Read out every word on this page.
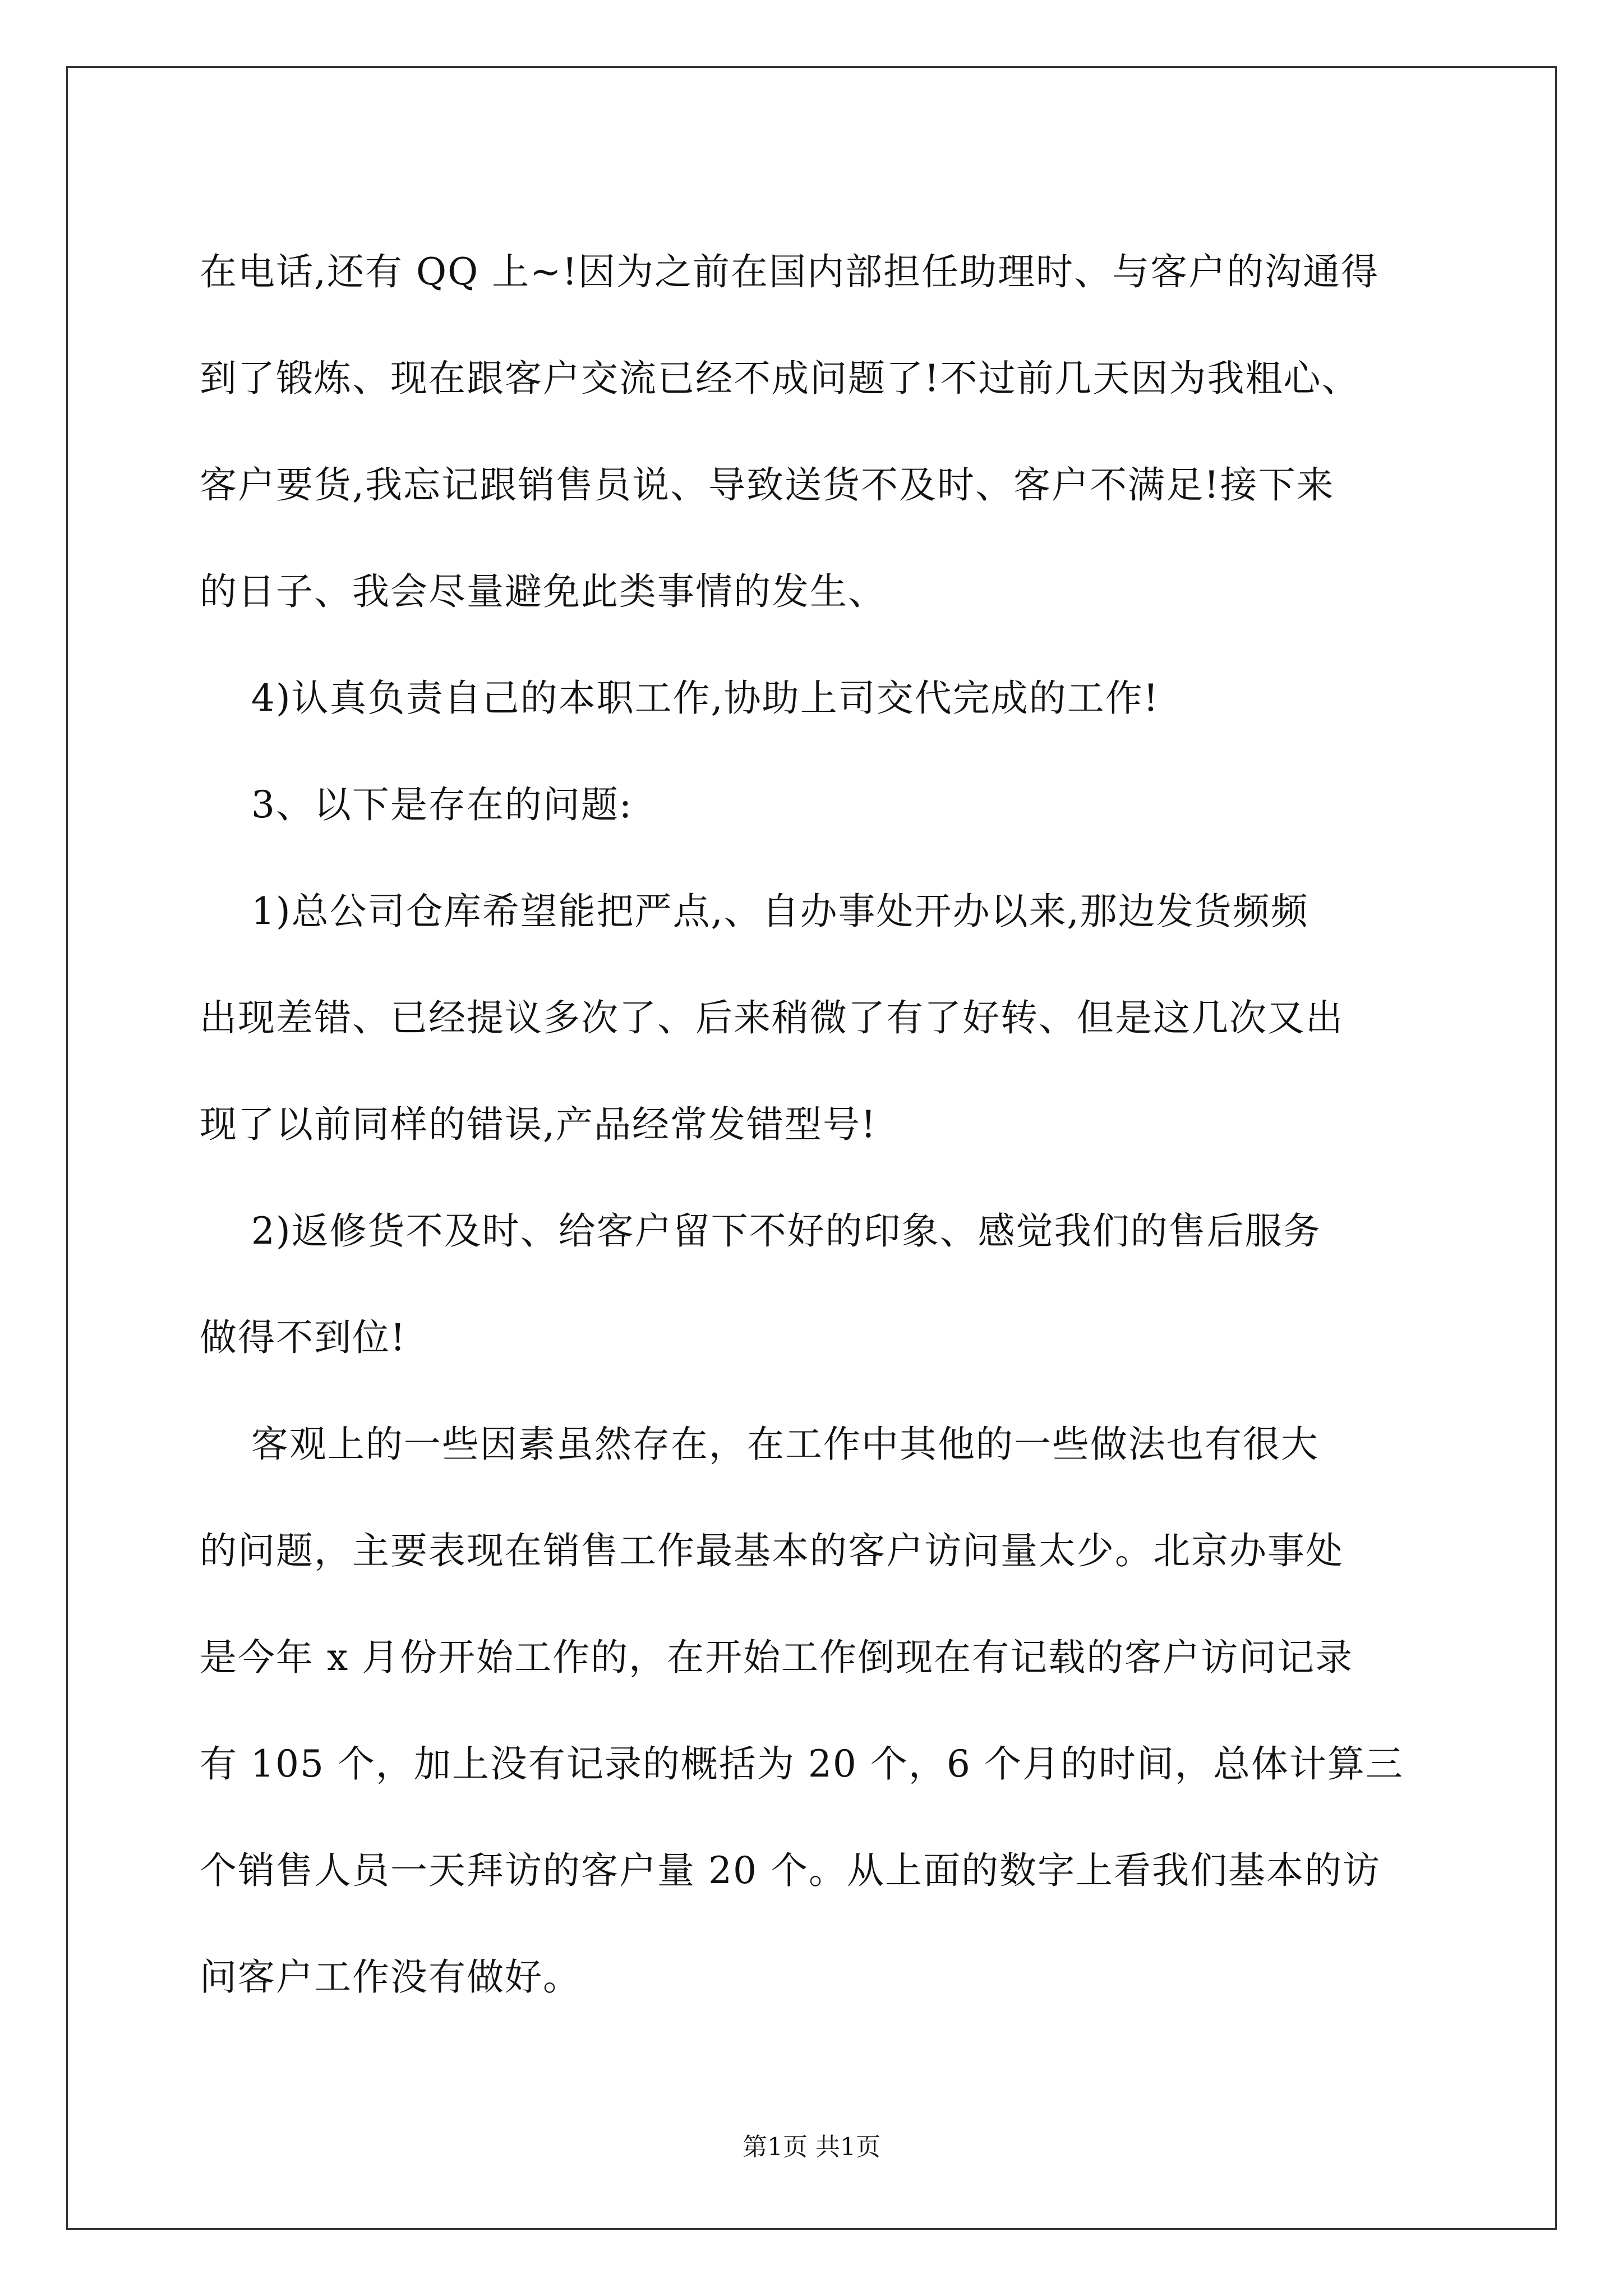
在电话,还有 QQ 上~!因为之前在国内部担任助理时、与客户的沟通得

到了锻炼、现在跟客户交流已经不成问题了!不过前几天因为我粗心、

客户要货,我忘记跟销售员说、导致送货不及时、客户不满足!接下来

的日子、我会尽量避免此类事情的发生、

4)认真负责自己的本职工作,协助上司交代完成的工作!

3、以下是存在的问题:

1)总公司仓库希望能把严点,、自办事处开办以来,那边发货频频

出现差错、已经提议多次了、后来稍微了有了好转、但是这几次又出

现了以前同样的错误,产品经常发错型号!

2)返修货不及时、给客户留下不好的印象、感觉我们的售后服务

做得不到位!

客观上的一些因素虽然存在，在工作中其他的一些做法也有很大

的问题，主要表现在销售工作最基本的客户访问量太少。北京办事处

是今年 x 月份开始工作的，在开始工作倒现在有记载的客户访问记录

有 105 个，加上没有记录的概括为 20 个，6 个月的时间，总体计算三

个销售人员一天拜访的客户量 20 个。从上面的数字上看我们基本的访

问客户工作没有做好。

第1页 共1页
